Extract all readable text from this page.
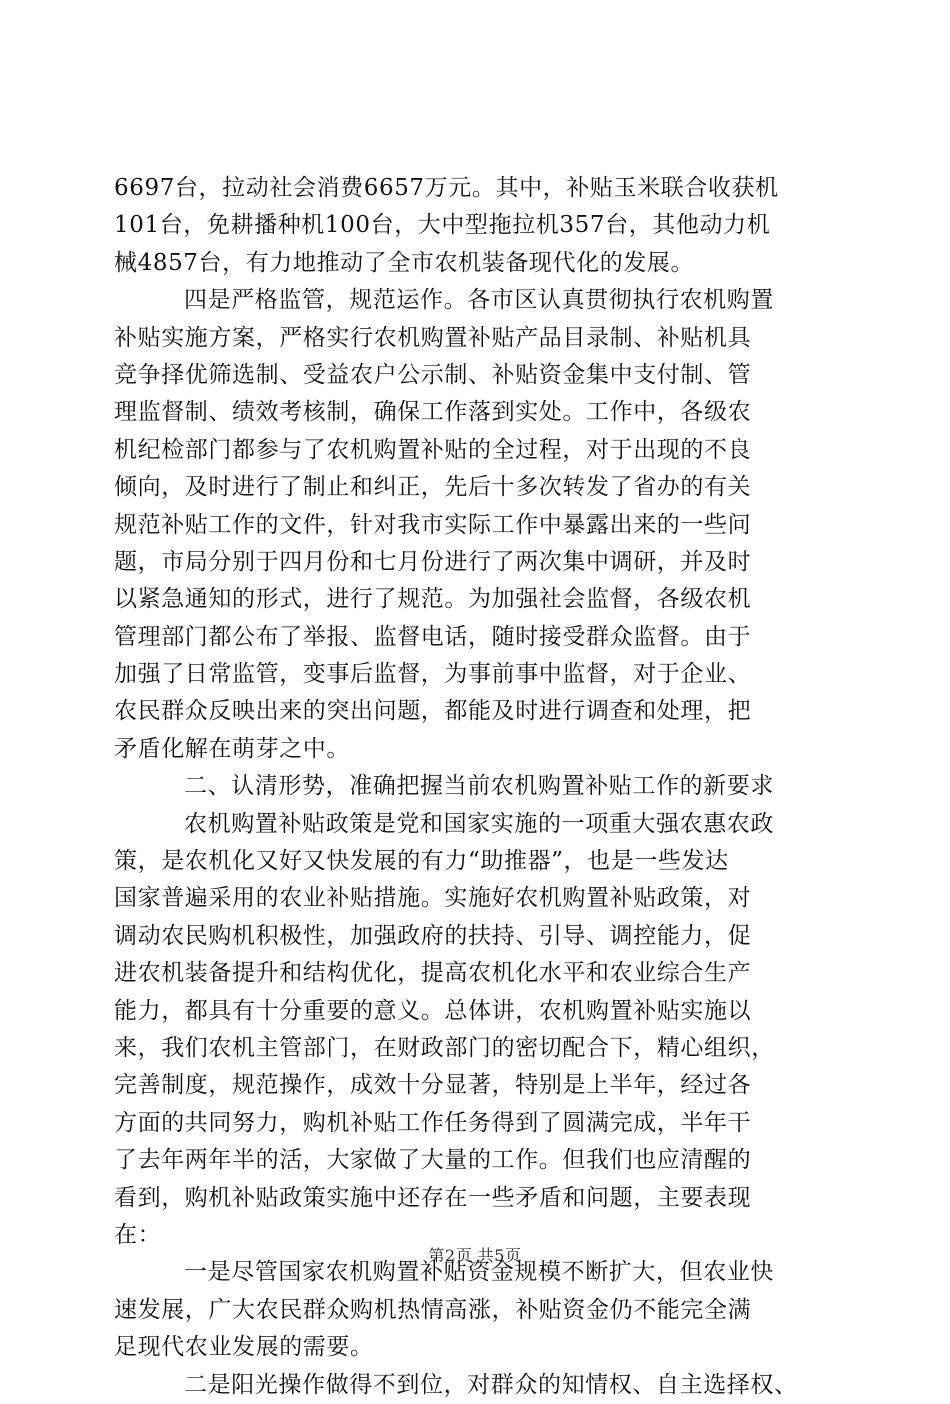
6697台，拉动社会消费6657万元。其中，补贴玉米联合收获机
101台，免耕播种机100台，大中型拖拉机357台，其他动力机
械4857台，有力地推动了全市农机装备现代化的发展。
四是严格监管，规范运作。各市区认真贯彻执行农机购置
补贴实施方案，严格实行农机购置补贴产品目录制、补贴机具
竞争择优筛选制、受益农户公示制、补贴资金集中支付制、管
理监督制、绩效考核制，确保工作落到实处。工作中，各级农
机纪检部门都参与了农机购置补贴的全过程，对于出现的不良
倾向，及时进行了制止和纠正，先后十多次转发了省办的有关
规范补贴工作的文件，针对我市实际工作中暴露出来的一些问
题，市局分别于四月份和七月份进行了两次集中调研，并及时
以紧急通知的形式，进行了规范。为加强社会监督，各级农机
管理部门都公布了举报、监督电话，随时接受群众监督。由于
加强了日常监管，变事后监督，为事前事中监督，对于企业、
农民群众反映出来的突出问题，都能及时进行调查和处理，把
矛盾化解在萌芽之中。
二、认清形势，准确把握当前农机购置补贴工作的新要求
农机购置补贴政策是党和国家实施的一项重大强农惠农政
策，是农机化又好又快发展的有力“助推器”，也是一些发达
国家普遍采用的农业补贴措施。实施好农机购置补贴政策，对
调动农民购机积极性，加强政府的扶持、引导、调控能力，促
进农机装备提升和结构优化，提高农机化水平和农业综合生产
能力，都具有十分重要的意义。总体讲，农机购置补贴实施以
来，我们农机主管部门，在财政部门的密切配合下，精心组织，
完善制度，规范操作，成效十分显著，特别是上半年，经过各
方面的共同努力，购机补贴工作任务得到了圆满完成，半年干
了去年两年半的活，大家做了大量的工作。但我们也应清醒的
看到，购机补贴政策实施中还存在一些矛盾和问题，主要表现
在：
一是尽管国家农机购置补贴资金规模不断扩大，但农业快
速发展，广大农民群众购机热情高涨，补贴资金仍不能完全满
足现代农业发展的需要。
二是阳光操作做得不到位，对群众的知情权、自主选择权、
第2页 共5页
